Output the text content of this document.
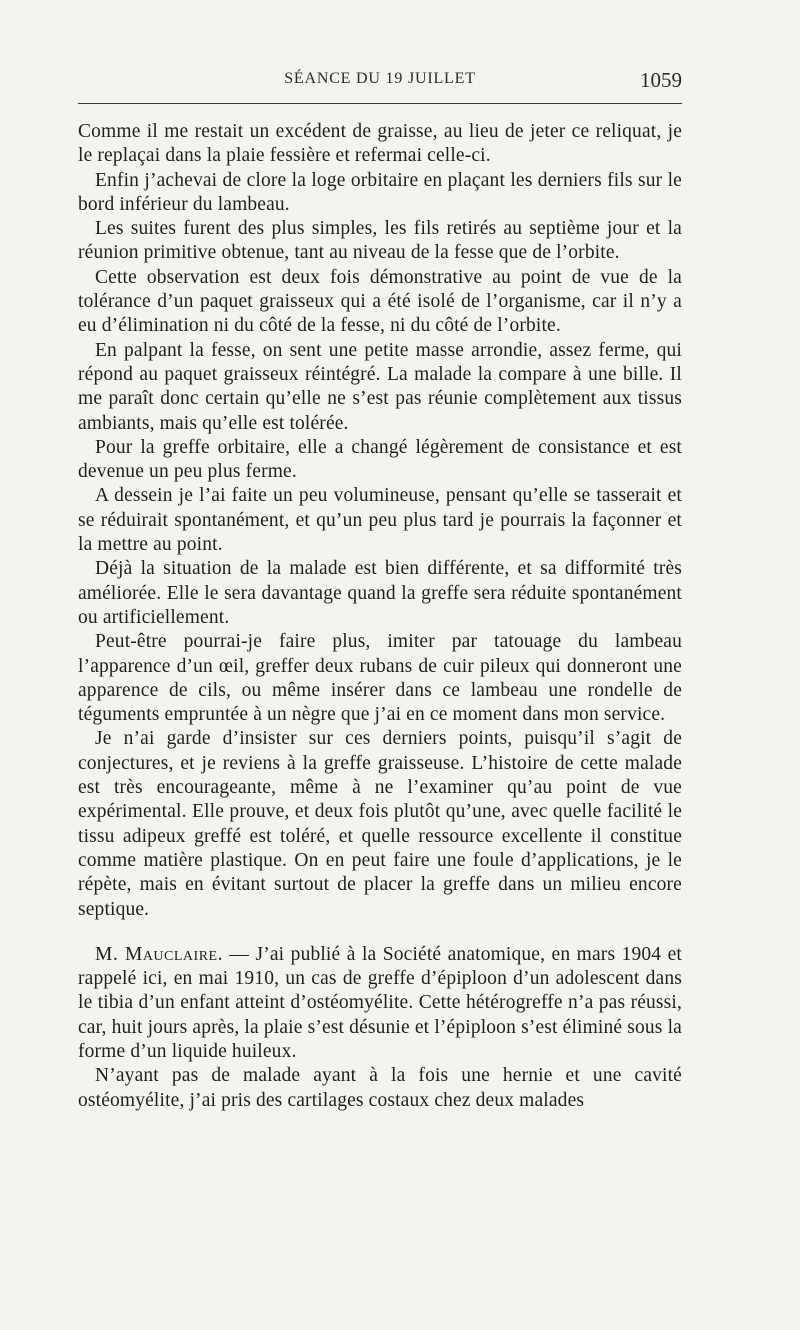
SÉANCE DU 19 JUILLET	1059

Comme il me restait un excédent de graisse, au lieu de jeter ce reliquat, je le replaçai dans la plaie fessière et refermai celle-ci.

Enfin j’achevai de clore la loge orbitaire en plaçant les derniers fils sur le bord inférieur du lambeau.

Les suites furent des plus simples, les fils retirés au septième jour et la réunion primitive obtenue, tant au niveau de la fesse que de l’orbite.

Cette observation est deux fois démonstrative au point de vue de la tolérance d’un paquet graisseux qui a été isolé de l’organisme, car il n’y a eu d’élimination ni du côté de la fesse, ni du côté de l’orbite.

En palpant la fesse, on sent une petite masse arrondie, assez ferme, qui répond au paquet graisseux réintégré. La malade la compare à une bille. Il me paraît donc certain qu’elle ne s’est pas réunie complètement aux tissus ambiants, mais qu’elle est tolérée.

Pour la greffe orbitaire, elle a changé légèrement de consistance et est devenue un peu plus ferme.

A dessein je l’ai faite un peu volumineuse, pensant qu’elle se tasserait et se réduirait spontanément, et qu’un peu plus tard je pourrais la façonner et la mettre au point.

Déjà la situation de la malade est bien différente, et sa difformité très améliorée. Elle le sera davantage quand la greffe sera réduite spontanément ou artificiellement.

Peut-être pourrai-je faire plus, imiter par tatouage du lambeau l’apparence d’un œil, greffer deux rubans de cuir pileux qui donneront une apparence de cils, ou même insérer dans ce lambeau une rondelle de téguments empruntée à un nègre que j’ai en ce moment dans mon service.

Je n’ai garde d’insister sur ces derniers points, puisqu’il s’agit de conjectures, et je reviens à la greffe graisseuse. L’histoire de cette malade est très encourageante, même à ne l’examiner qu’au point de vue expérimental. Elle prouve, et deux fois plutôt qu’une, avec quelle facilité le tissu adipeux greffé est toléré, et quelle ressource excellente il constitue comme matière plastique. On en peut faire une foule d’applications, je le répète, mais en évitant surtout de placer la greffe dans un milieu encore septique.

M. Mauclaire. — J’ai publié à la Société anatomique, en mars 1904 et rappelé ici, en mai 1910, un cas de greffe d’épiploon d’un adolescent dans le tibia d’un enfant atteint d’ostéomyélite. Cette hétérogreffe n’a pas réussi, car, huit jours après, la plaie s’est désunie et l’épiploon s’est éliminé sous la forme d’un liquide huileux.

N’ayant pas de malade ayant à la fois une hernie et une cavité ostéomyélite, j’ai pris des cartilages costaux chez deux malades
